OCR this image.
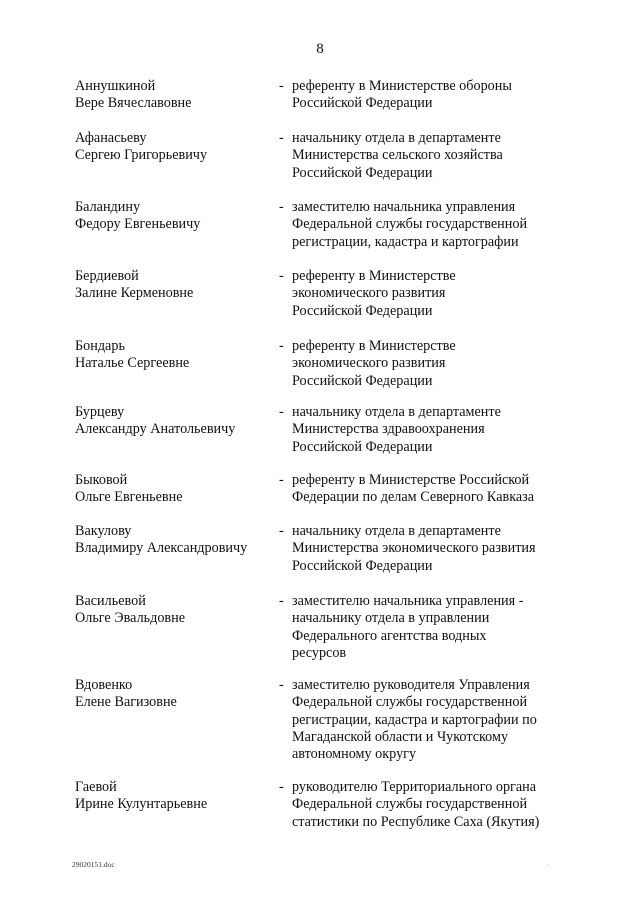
8
Аннушкиной
Вере Вячеславовне
- референту в Министерстве обороны
Российской Федерации
Афанасьеву
Сергею Григорьевичу
- начальнику отдела в департаменте
Министерства сельского хозяйства
Российской Федерации
Баландину
Федору Евгеньевичу
- заместителю начальника управления
Федеральной службы государственной
регистрации, кадастра и картографии
Бердиевой
Залине Керменовне
- референту в Министерстве
экономического развития
Российской Федерации
Бондарь
Наталье Сергеевне
- референту в Министерстве
экономического развития
Российской Федерации
Бурцеву
Александру Анатольевичу
- начальнику отдела в департаменте
Министерства здравоохранения
Российской Федерации
Быковой
Ольге Евгеньевне
- референту в Министерстве Российской
Федерации по делам Северного Кавказа
Вакулову
Владимиру Александровичу
- начальнику отдела в департаменте
Министерства экономического развития
Российской Федерации
Васильевой
Ольге Эвальдовне
- заместителю начальника управления -
начальнику отдела в управлении
Федерального агентства водных
ресурсов
Вдовенко
Елене Вагизовне
- заместителю руководителя Управления
Федеральной службы государственной
регистрации, кадастра и картографии по
Магаданской области и Чукотскому
автономному округу
Гаевой
Ирине Кулунтарьевне
- руководителю Территориального органа
Федеральной службы государственной
статистики по Республике Саха (Якутия)
29020151.doc	.
